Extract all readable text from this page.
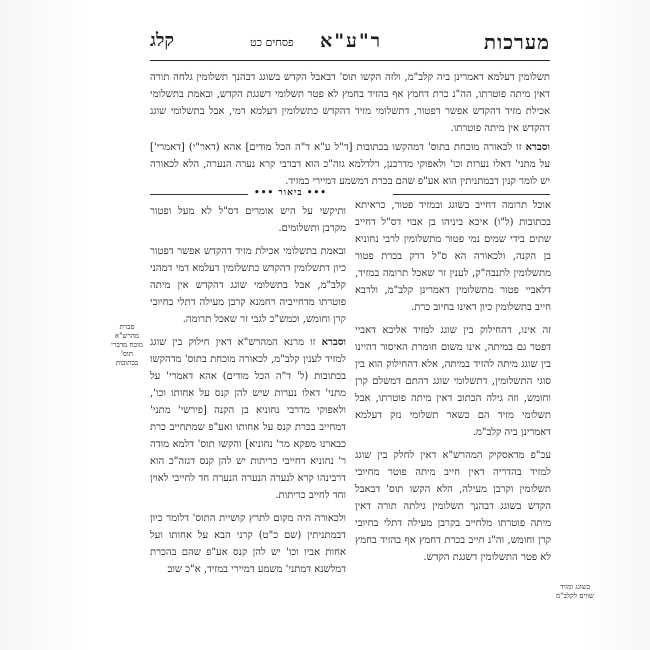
מערכות
ר"ע"א
פסחים כט
קלג

תשלומין דעלמא דאמרינן ביה קלב"מ, ולזה הקשו תוס' דבאבל הקדש בשוגג דבהנך תשלומין גלחה תורה דאין מיתה פוטרתו, הה"נ כרת דחמץ אף בהזיד בחמץ לא פטר תשלומי דשגגת הקדש, ובאמת בתשלומי אכילת מזיד דהקדש אפשר דפטור, דתשלומי מזיד דהקדש כתשלומין דעלמא דמי, אבל בתשלומי שוגג דהקדש אין מיתה פוטרתו.

וסברא זו לכאורה מוכחת בתוס' דמהקשו בכתובות [ד"ל ע"א ד"ה הכל מודים] אהא (דאר"י) [דאמרי'] על מתני' דאלו נערות וכו' ולאפוקי מדרבנן, דלדלמא גזה"כ הוא דבדבי קרא נערה הנערה, הלא לכאורה יש לומר קנין דבמתניתין הוא אע"פ שהם בכרת דמשמע דמיירי במזיד.

••• ביאור •••

אוכל תרומה דחייב בשוגג ובמזיד פטור, כראיתא בכתובות (ל"ו) איכא ביניהו בן אבוי דס"ל דחייב שתים בידי שמים נמי פטור מתשלומין לרבי נחוניא בן הקנה, ולכאורה הא ס"ל דרק בכרת פטור מתשלומין לתנבה"ק, לענין זר שאכל תרומה במזיד, דלאביי פטור מתשלומין דאמרינן קלב"מ, ולרבא חייב בתשלומין כיון דאינו בחיוב כרת.

זה אינו, דהחילוק בין שוגג למזיד אליבא דאביי דפטר גם במיתה, אינו משום חומרת האיסור דהיינו בין שוגג מיתה להזיד במיתה, אלא דהחילוק הוא בין סוגי התשלומין, דתשלומי שוגג דהתם דמשלם קרן וחומש, וזה גילה הכתוב דאין מיתה פוטרתו, אבל תשלומי מזיד הם כשאר תשלומי נזק דעלמא דאמרינן ביה קלב"מ.

עכ"פ מדאסקיק המהרש"א דאין לחלק בין שוגג למזיד בהדריה דאין חייב מיתה פוטר מחיובי תשלומין וקרבן מעילה, הלא הקשו תוס' דבאבל הקדש בשוגג דבהנך תשלומין גילתה תורה דאין מיתה פוטרתו מלחייב בקרבן מעילה דתלי בחיובי קרן וחומש, וה"נ חייב בכרת דחמץ אף בהזיד בחמץ לא פטר התשלומין דשגגת הקדש.

ותיקשי על היש אומרים דס"ל לא מעל ופטור מקרבן ותשלומים.

ובאמת בתשלומי אכילת מזיד דהקדש אפשר דפטור כיון דתשלומין דהקדש כתשלומין דעלמא דמי דמהני קלב"מ, אבל בתשלומי שוגג דהקדש אין מיתה פוטרתו מדחייביה רחמנא קרבן מעילה דתלי בחיובי קרן וחומש, וכמש"כ לגבי זר שאכל תרומה.

וסברא זו מרנא המהרש"א דאין חילוק בין שוגג למזיד לענין קלב"מ, לכאורה מוכחת בתוס' מדהקשו בכתובות (ל' ד"ה הכל מודים) אהא דאמרי' על מתני' דאלו נערות שיש להן קנס על אחותו וכו', ולאפוקי מדרבי נחוניא בן הקנה [פירשי' מתני' דמחייב בכרת קנס על אחותו ואע"פ שמתחייב כרת כבארנו מפקא מר' נחוניא] והקשו תוס' דלמא מודה ר' נחוניא דחייבי כריתות יש להן קנס דגזה"כ הוא דרבינהו קרא לנערה הנערה הנערה חד לחייבי לאוין וחד לחייב כריתות.

ולכאורה היה מקום לתרץ קושיית התוס' דלומר כיון דבמתניתין (שם כ"ט) קרני הבא על אחותו ועל אחות אביו וכו' יש להן קנס אע"פ שהם בהכרת דמלשנא דמתני' משמע דמיירי במזיד, א"כ שוב

סברת מהרש"א מוכח מדברי תוס' בכתובות
בשוגג ומזיד שווים לקלב"מ
